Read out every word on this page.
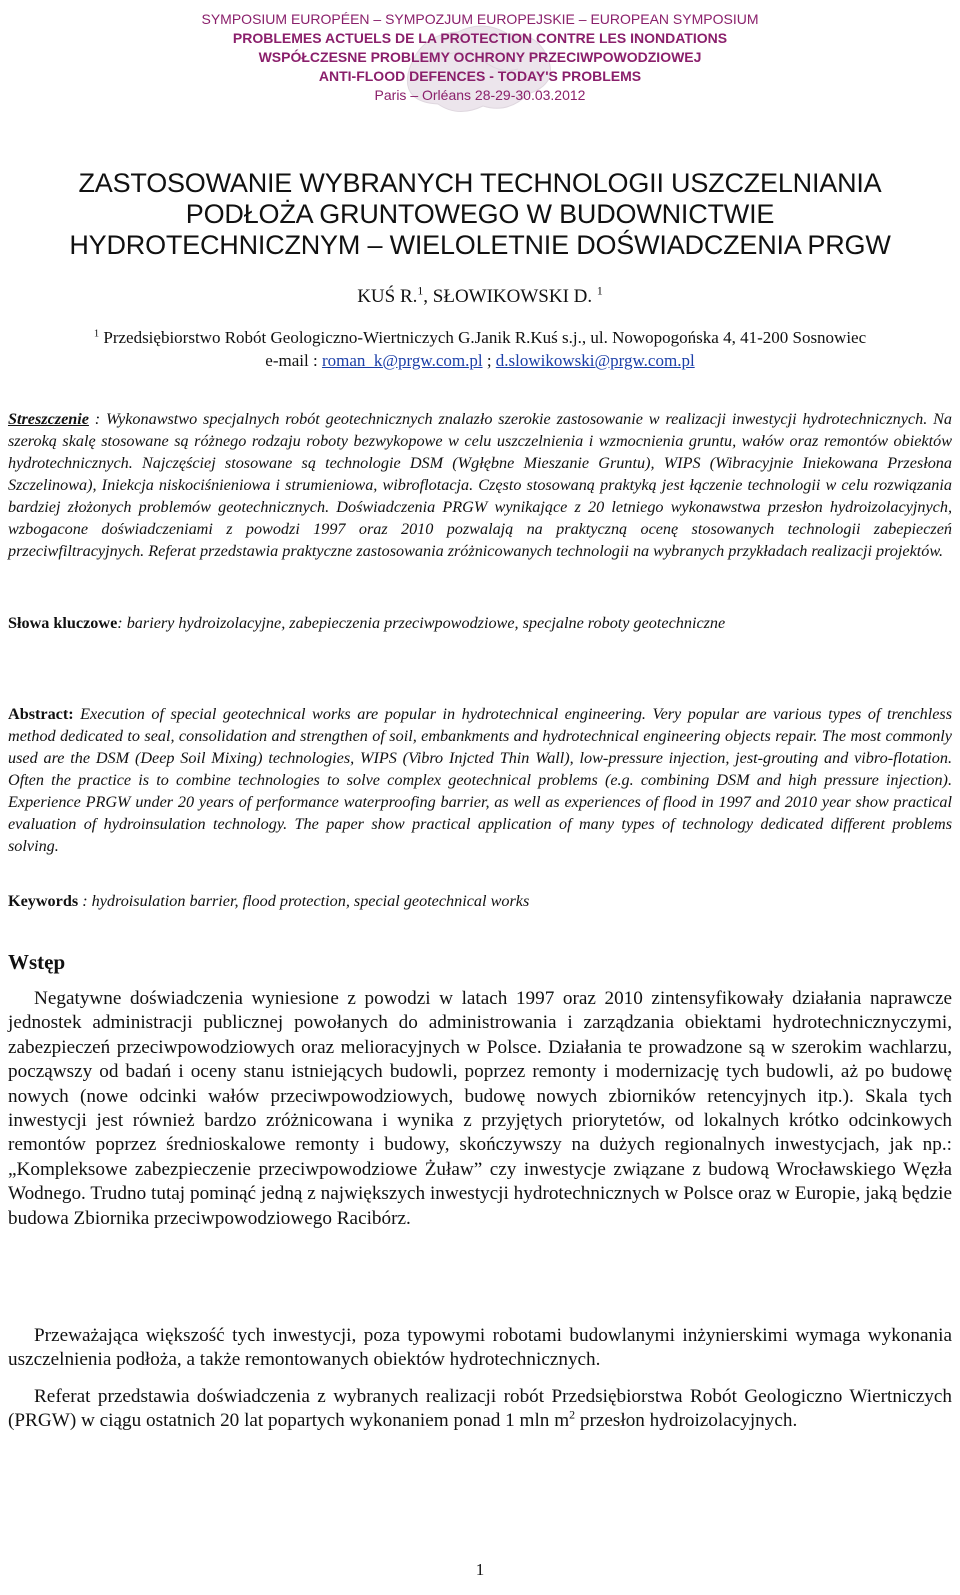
SYMPOSIUM EUROPÉEN – SYMPOZJUM EUROPEJSKIE – EUROPEAN SYMPOSIUM
PROBLEMES ACTUELS DE LA PROTECTION CONTRE LES INONDATIONS
WSPÓŁCZESNE PROBLEMY OCHRONY PRZECIWPOWODZIOWEJ
ANTI-FLOOD DEFENCES - TODAY'S PROBLEMS
Paris – Orléans 28-29-30.03.2012
ZASTOSOWANIE WYBRANYCH TECHNOLOGII USZCZELNIANIA
PODŁOŻA GRUNTOWEGO W BUDOWNICTWIE
HYDROTECHNICZNYM – WIELOLETNIE DOŚWIADCZENIA PRGW
KUŚ R.$^1$, SŁOWIKOWSKI D. $^1$
$^1$ Przedsiębiorstwo Robót Geologiczno-Wiertniczych G.Janik R.Kuś s.j., ul. Nowopogońska 4, 41-200 Sosnowiec
e-mail : roman_k@prgw.com.pl ; d.slowikowski@prgw.com.pl
Streszczenie : Wykonawstwo specjalnych robót geotechnicznych znalazło szerokie zastosowanie w realizacji inwestycji hydrotechnicznych. Na szeroką skalę stosowane są różnego rodzaju roboty bezwykopowe w celu uszczelnienia i wzmocnienia gruntu, wałów oraz remontów obiektów hydrotechnicznych. Najczęściej stosowane są technologie DSM (Wgłębne Mieszanie Gruntu), WIPS (Wibracyjnie Iniekowana Przesłona Szczelinowa), Iniekcja niskociśnieniowa i strumieniowa, wibroflotacja. Często stosowaną praktyką jest łączenie technologii w celu rozwiązania bardziej złożonych problemów geotechnicznych. Doświadczenia PRGW wynikające z 20 letniego wykonawstwa przesłon hydroizolacyjnych, wzbogacone doświadczeniami z powodzi 1997 oraz 2010 pozwalają na praktyczną ocenę stosowanych technologii zabepieczeń przeciwfiltracyjnych. Referat przedstawia praktyczne zastosowania zróżnicowanych technologii na wybranych przykładach realizacji projektów.
Słowa kluczowe: bariery hydroizolacyjne, zabepieczenia przeciwpowodziowe, specjalne roboty geotechniczne
Abstract: Execution of special geotechnical works are popular in hydrotechnical engineering. Very popular are various types of trenchless method dedicated to seal, consolidation and strengthen of soil, embankments and hydrotechnical engineering objects repair. The most commonly used are the DSM (Deep Soil Mixing) technologies, WIPS (Vibro Injcted Thin Wall), low-pressure injection, jest-grouting and vibro-flotation. Often the practice is to combine technologies to solve complex geotechnical problems (e.g. combining DSM and high pressure injection). Experience PRGW under 20 years of performance waterproofing barrier, as well as experiences of flood in 1997 and 2010 year show practical evaluation of hydroinsulation technology. The paper show practical application of many types of technology dedicated different problems solving.
Keywords : hydroisulation barrier, flood protection, special geotechnical works
Wstęp
Negatywne doświadczenia wyniesione z powodzi w latach 1997 oraz 2010 zintensyfikowały działania naprawcze jednostek administracji publicznej powołanych do administrowania i zarządzania obiektami hydrotechnicznyczymi, zabezpieczeń przeciwpowodziowych oraz melioracyjnych w Polsce. Działania te prowadzone są w szerokim wachlarzu, począwszy od badań i oceny stanu istniejących budowli, poprzez remonty i modernizację tych budowli, aż po budowę nowych (nowe odcinki wałów przeciwpowodziowych, budowę nowych zbiorników retencyjnych itp.). Skala tych inwestycji jest również bardzo zróżnicowana i wynika z przyjętych priorytetów, od lokalnych krótko odcinkowych remontów poprzez średnioskalowe remonty i budowy, skończywszy na dużych regionalnych inwestycjach, jak np.: „Kompleksowe zabezpieczenie przeciwpowodziowe Żuław” czy inwestycje związane z budową Wrocławskiego Węzła Wodnego. Trudno tutaj pominąć jedną z największych inwestycji hydrotechnicznych w Polsce oraz w Europie, jaką będzie budowa Zbiornika przeciwpowodziowego Racibórz.
Przeważająca większość tych inwestycji, poza typowymi robotami budowlanymi inżynierskimi wymaga wykonania uszczelnienia podłoża, a także remontowanych obiektów hydrotechnicznych.
Referat przedstawia doświadczenia z wybranych realizacji robót Przedsiębiorstwa Robót Geologiczno Wiertniczych (PRGW) w ciągu ostatnich 20 lat popartych wykonaniem ponad 1 mln $m^2$ przesłon hydroizolacyjnych.
1
